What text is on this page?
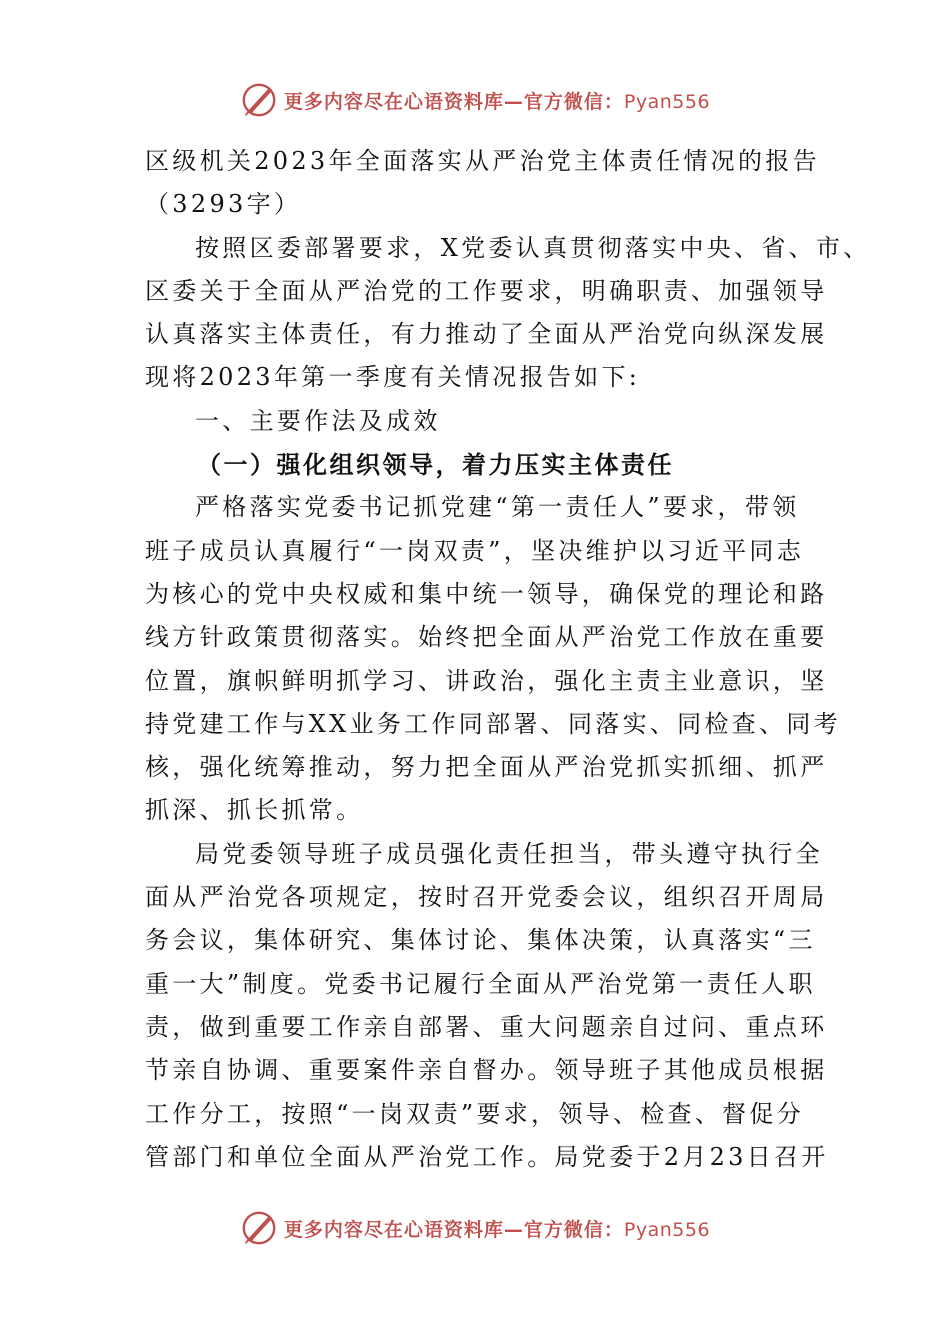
更多内容尽在心语资料库—官方微信：Pyan556
区级机关2023年全面落实从严治党主体责任情况的报告
（3293字）
按照区委部署要求，X党委认真贯彻落实中央、省、市、
区委关于全面从严治党的工作要求，明确职责、加强领导
认真落实主体责任，有力推动了全面从严治党向纵深发展
现将2023年第一季度有关情况报告如下:
一、主要作法及成效
（一）强化组织领导，着力压实主体责任
严格落实党委书记抓党建“第一责任人”要求，带领
班子成员认真履行“一岗双责”，坚决维护以习近平同志
为核心的党中央权威和集中统一领导，确保党的理论和路
线方针政策贯彻落实。始终把全面从严治党工作放在重要
位置，旗帜鲜明抓学习、讲政治，强化主责主业意识，坚
持党建工作与XX业务工作同部署、同落实、同检查、同考
核，强化统筹推动，努力把全面从严治党抓实抓细、抓严
抓深、抓长抓常。
局党委领导班子成员强化责任担当，带头遵守执行全
面从严治党各项规定，按时召开党委会议，组织召开周局
务会议，集体研究、集体讨论、集体决策，认真落实“三
重一大”制度。党委书记履行全面从严治党第一责任人职
责，做到重要工作亲自部署、重大问题亲自过问、重点环
节亲自协调、重要案件亲自督办。领导班子其他成员根据
工作分工，按照“一岗双责”要求，领导、检查、督促分
管部门和单位全面从严治党工作。局党委于2月23日召开
更多内容尽在心语资料库—官方微信：Pyan556
